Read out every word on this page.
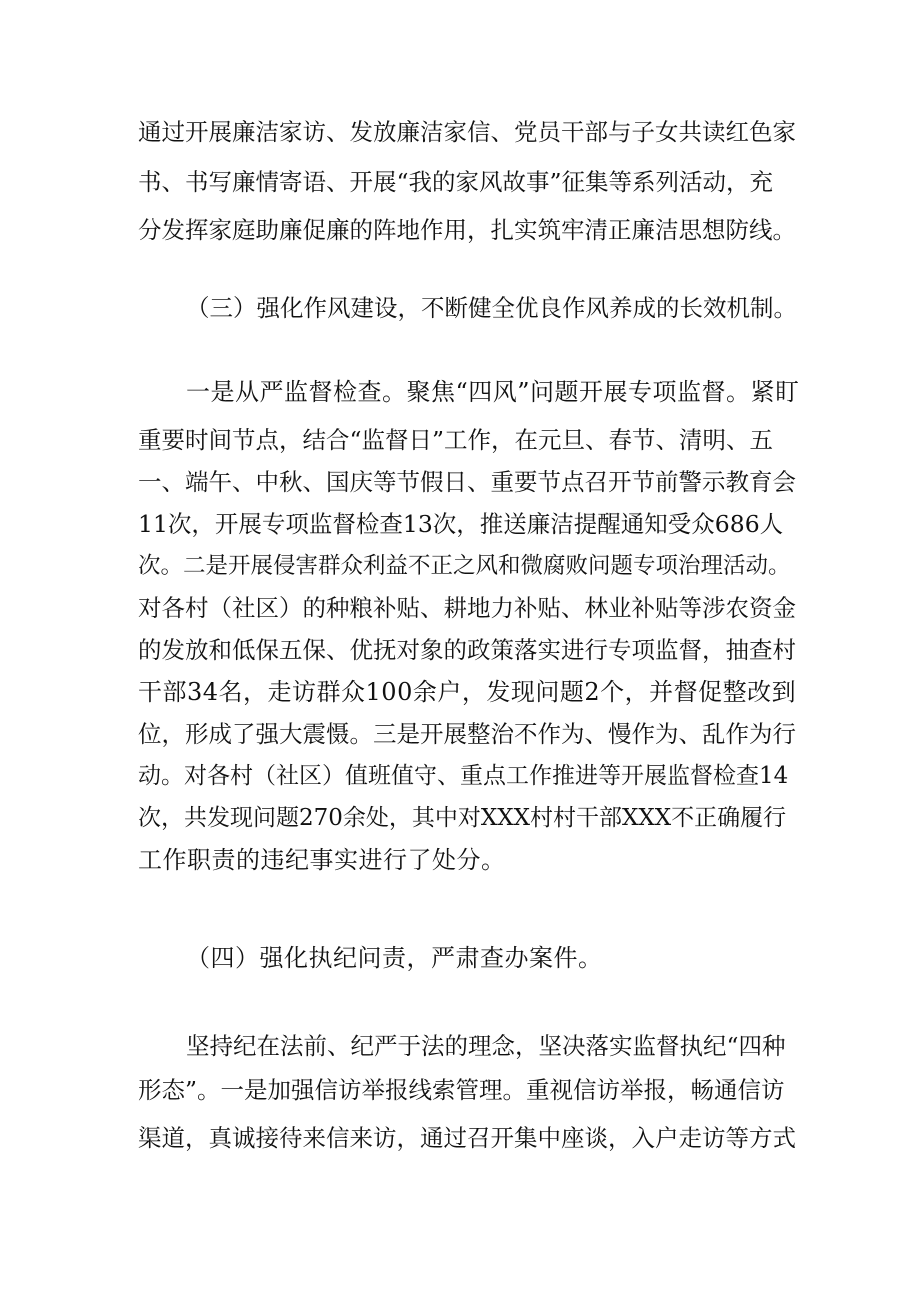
通过开展廉洁家访、发放廉洁家信、党员干部与子女共读红色家

书、书写廉情寄语、开展“我的家风故事”征集等系列活动，充

分发挥家庭助廉促廉的阵地作用，扎实筑牢清正廉洁思想防线。

（三）强化作风建设，不断健全优良作风养成的长效机制。

一是从严监督检查。聚焦“四风”问题开展专项监督。紧盯

重要时间节点，结合“监督日”工作，在元旦、春节、清明、五

一、端午、中秋、国庆等节假日、重要节点召开节前警示教育会

11次，开展专项监督检查13次，推送廉洁提醒通知受众686人

次。二是开展侵害群众利益不正之风和微腐败问题专项治理活动。

对各村（社区）的种粮补贴、耕地力补贴、林业补贴等涉农资金

的发放和低保五保、优抚对象的政策落实进行专项监督，抽查村

干部34名，走访群众100余户，发现问题2个，并督促整改到

位，形成了强大震慑。三是开展整治不作为、慢作为、乱作为行

动。对各村（社区）值班值守、重点工作推进等开展监督检查14

次，共发现问题270余处，其中对XXX村村干部XXX不正确履行

工作职责的违纪事实进行了处分。

（四）强化执纪问责，严肃查办案件。

坚持纪在法前、纪严于法的理念，坚决落实监督执纪“四种

形态”。一是加强信访举报线索管理。重视信访举报，畅通信访

渠道，真诚接待来信来访，通过召开集中座谈，入户走访等方式
